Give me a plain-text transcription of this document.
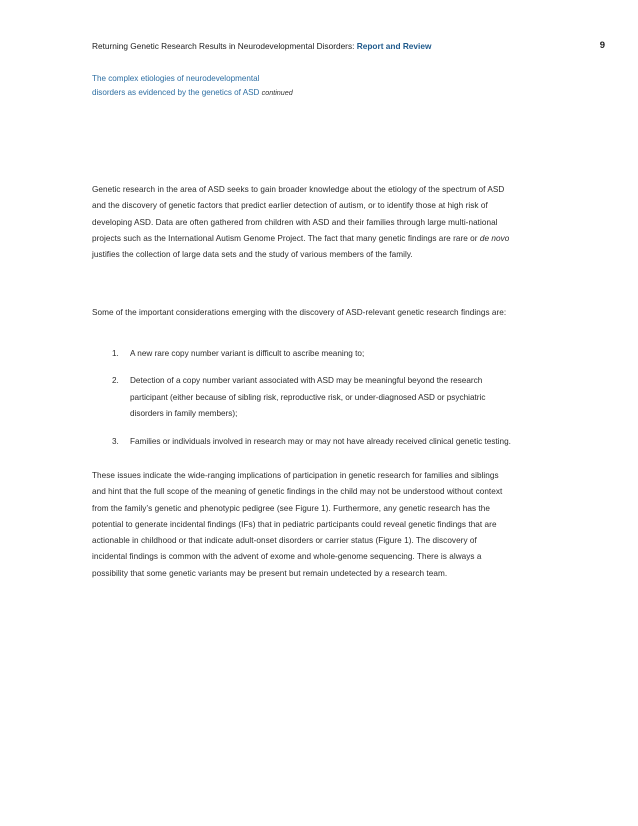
Returning Genetic Research Results in Neurodevelopmental Disorders: Report and Review	9
The complex etiologies of neurodevelopmental
disorders as evidenced by the genetics of ASD continued
Genetic research in the area of ASD seeks to gain broader knowledge about the etiology of the spectrum of ASD and the discovery of genetic factors that predict earlier detection of autism, or to identify those at high risk of developing ASD. Data are often gathered from children with ASD and their families through large multi-national projects such as the International Autism Genome Project. The fact that many genetic findings are rare or de novo justifies the collection of large data sets and the study of various members of the family.
Some of the important considerations emerging with the discovery of ASD-relevant genetic research findings are:
1. A new rare copy number variant is difficult to ascribe meaning to;
2. Detection of a copy number variant associated with ASD may be meaningful beyond the research participant (either because of sibling risk, reproductive risk, or under-diagnosed ASD or psychiatric disorders in family members);
3. Families or individuals involved in research may or may not have already received clinical genetic testing.
These issues indicate the wide-ranging implications of participation in genetic research for families and siblings and hint that the full scope of the meaning of genetic findings in the child may not be understood without context from the family’s genetic and phenotypic pedigree (see Figure 1). Furthermore, any genetic research has the potential to generate incidental findings (IFs) that in pediatric participants could reveal genetic findings that are actionable in childhood or that indicate adult-onset disorders or carrier status (Figure 1). The discovery of incidental findings is common with the advent of exome and whole-genome sequencing. There is always a possibility that some genetic variants may be present but remain undetected by a research team.
